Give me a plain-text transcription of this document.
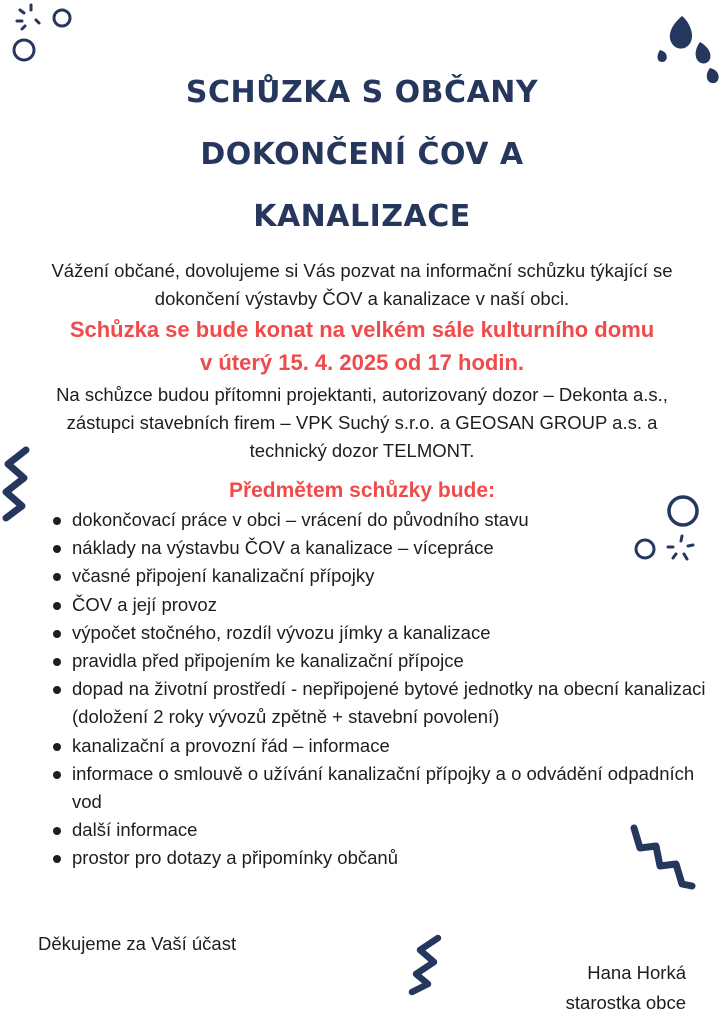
SCHŮZKA S OBČANY
DOKONČENÍ ČOV A
KANALIZACE
Vážení občané, dovolujeme si Vás pozvat na informační schůzku týkající se
dokončení výstavby ČOV a kanalizace v naší obci.
Schůzka se bude konat na velkém sále kulturního domu
v úterý 15. 4. 2025 od 17 hodin.
Na schůzce budou přítomni projektanti, autorizovaný dozor – Dekonta a.s.,
zástupci stavebních firem – VPK Suchý s.r.o. a GEOSAN GROUP a.s. a
technický dozor TELMONT.
Předmětem schůzky bude:
dokončovací práce v obci – vrácení do původního stavu
náklady na výstavbu ČOV a kanalizace – vícepráce
včasné připojení kanalizační přípojky
ČOV a její provoz
výpočet stočného, rozdíl vývozu jímky a kanalizace
pravidla před připojením ke kanalizační přípojce
dopad na životní prostředí - nepřipojené bytové jednotky na obecní kanalizaci (doložení 2 roky vývozů zpětně + stavební povolení)
kanalizační a provozní řád – informace
informace o smlouvě o užívání kanalizační přípojky a o odvádění odpadních vod
další informace
prostor pro dotazy a připomínky občanů
Děkujeme za Vaší účast
Hana Horká
starostka obce
